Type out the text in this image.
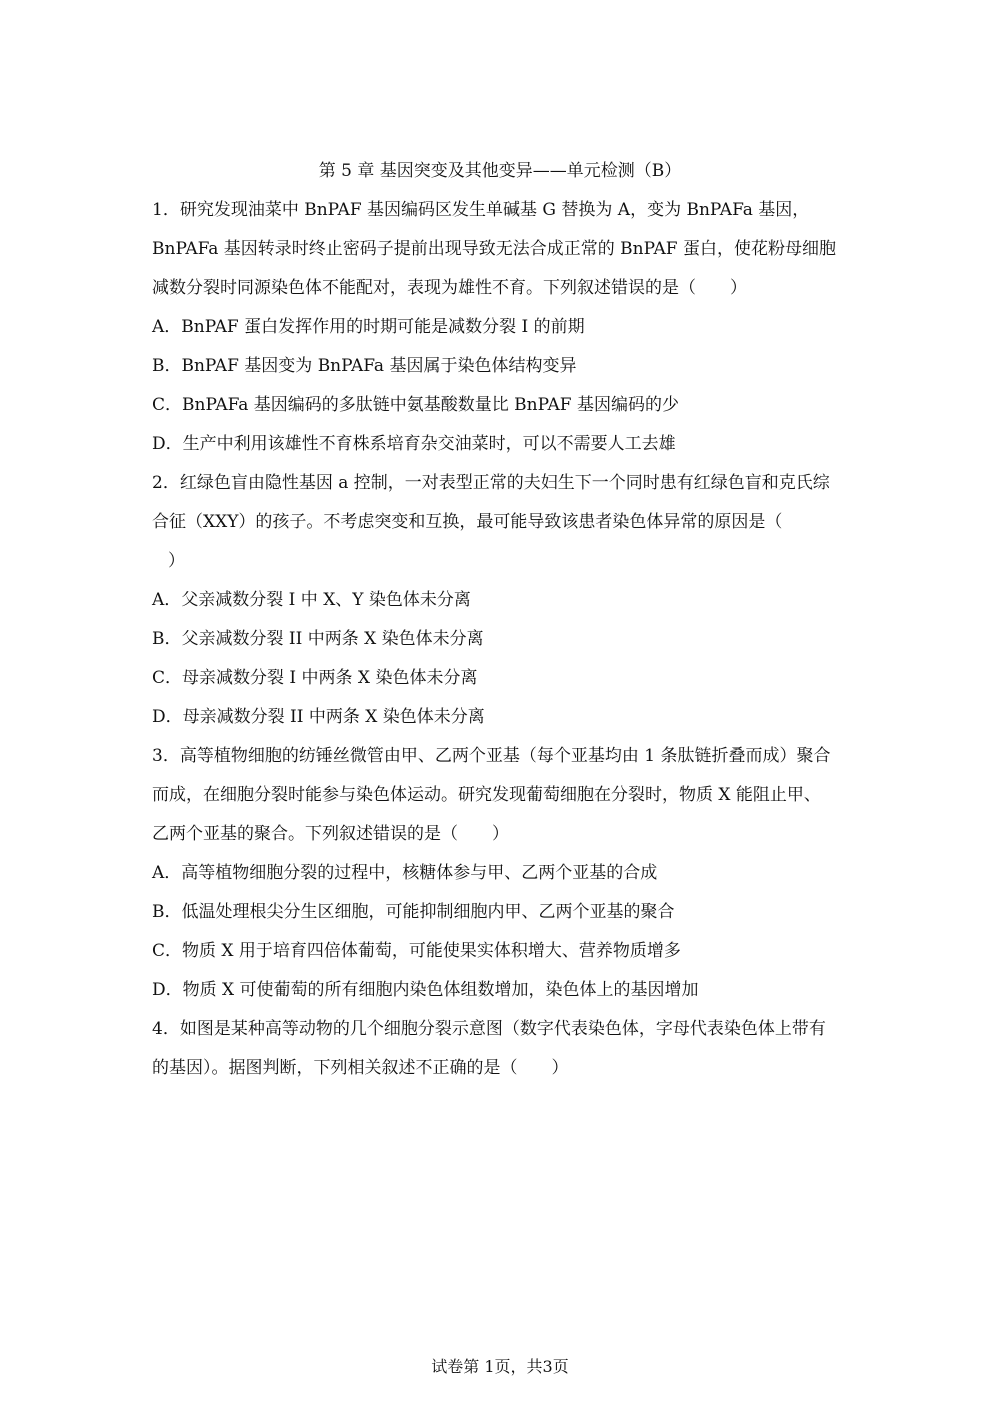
第 5 章 基因突变及其他变异——单元检测（B）
1．研究发现油菜中 BnPAF 基因编码区发生单碱基 G 替换为 A，变为 BnPAFa 基因，
BnPAFa 基因转录时终止密码子提前出现导致无法合成正常的 BnPAF 蛋白，使花粉母细胞
减数分裂时同源染色体不能配对，表现为雄性不育。下列叙述错误的是（　　）
A．BnPAF 蛋白发挥作用的时期可能是减数分裂 I 的前期
B．BnPAF 基因变为 BnPAFa 基因属于染色体结构变异
C．BnPAFa 基因编码的多肽链中氨基酸数量比 BnPAF 基因编码的少
D．生产中利用该雄性不育株系培育杂交油菜时，可以不需要人工去雄
2．红绿色盲由隐性基因 a 控制，一对表型正常的夫妇生下一个同时患有红绿色盲和克氏综
合征（XXY）的孩子。不考虑突变和互换，最可能导致该患者染色体异常的原因是（
）
A．父亲减数分裂 I 中 X、Y 染色体未分离
B．父亲减数分裂 II 中两条 X 染色体未分离
C．母亲减数分裂 I 中两条 X 染色体未分离
D．母亲减数分裂 II 中两条 X 染色体未分离
3．高等植物细胞的纺锤丝微管由甲、乙两个亚基（每个亚基均由 1 条肽链折叠而成）聚合
而成，在细胞分裂时能参与染色体运动。研究发现葡萄细胞在分裂时，物质 X 能阻止甲、
乙两个亚基的聚合。下列叙述错误的是（　　）
A．高等植物细胞分裂的过程中，核糖体参与甲、乙两个亚基的合成
B．低温处理根尖分生区细胞，可能抑制细胞内甲、乙两个亚基的聚合
C．物质 X 用于培育四倍体葡萄，可能使果实体积增大、营养物质增多
D．物质 X 可使葡萄的所有细胞内染色体组数增加，染色体上的基因增加
4．如图是某种高等动物的几个细胞分裂示意图（数字代表染色体，字母代表染色体上带有
的基因）。据图判断，下列相关叙述不正确的是（　　）
试卷第 1页，共3页
